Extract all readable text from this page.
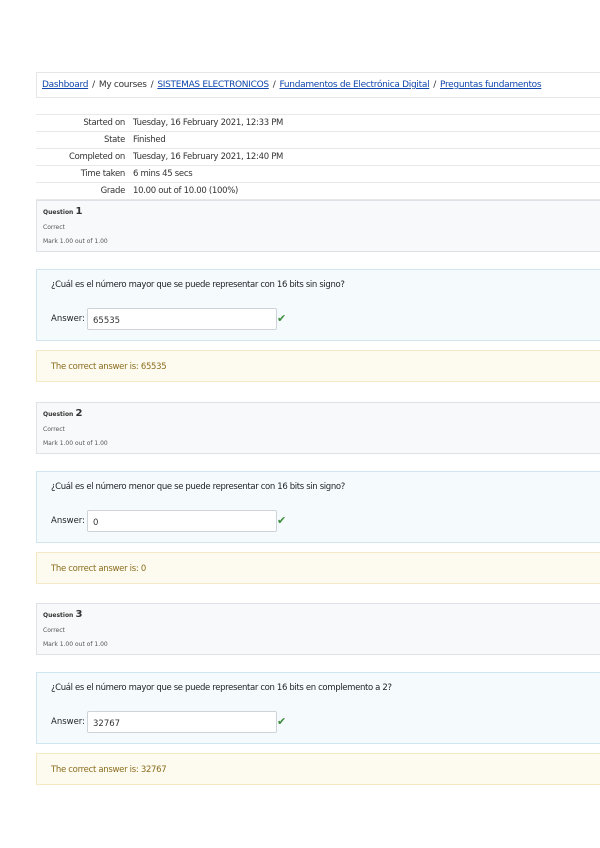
Dashboard / My courses / SISTEMAS ELECTRONICOS / Fundamentos de Electrónica Digital / Preguntas fundamentos
Started on Tuesday, 16 February 2021, 12:33 PM
State Finished
Completed on Tuesday, 16 February 2021, 12:40 PM
Time taken 6 mins 45 secs
Grade 10.00 out of 10.00 (100%)
Question 1
Correct
Mark 1.00 out of 1.00
¿Cuál es el número mayor que se puede representar con 16 bits sin signo?
Answer: 65535	✔
The correct answer is: 65535
Question 2
Correct
Mark 1.00 out of 1.00
¿Cuál es el número menor que se puede representar con 16 bits sin signo?
Answer: 0	✔
The correct answer is: 0
Question 3
Correct
Mark 1.00 out of 1.00
¿Cuál es el número mayor que se puede representar con 16 bits en complemento a 2?
Answer: 32767	✔
The correct answer is: 32767
